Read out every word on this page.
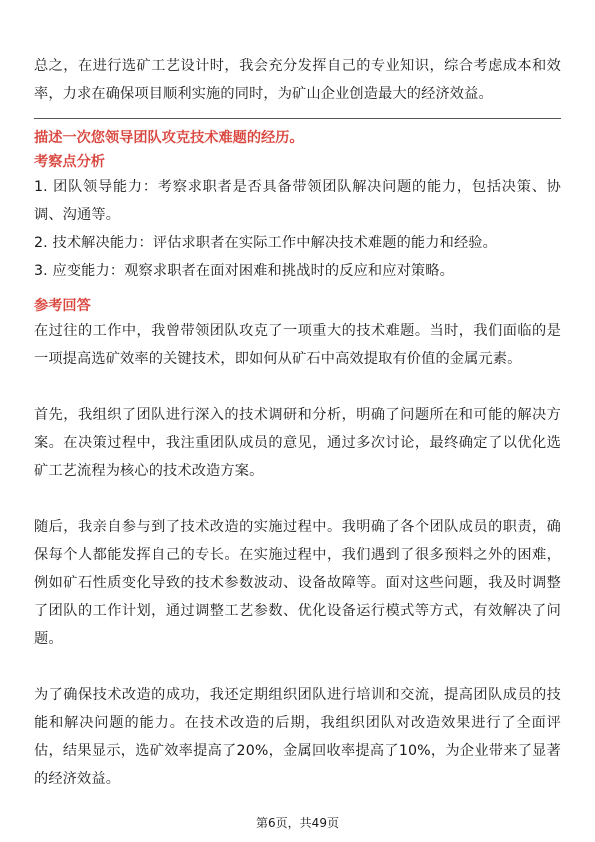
总之，在进行选矿工艺设计时，我会充分发挥自己的专业知识，综合考虑成本和效率，力求在确保项目顺利实施的同时，为矿山企业创造最大的经济效益。

描述一次您领导团队攻克技术难题的经历。
考察点分析
1. 团队领导能力：考察求职者是否具备带领团队解决问题的能力，包括决策、协调、沟通等。
2. 技术解决能力：评估求职者在实际工作中解决技术难题的能力和经验。
3. 应变能力：观察求职者在面对困难和挑战时的反应和应对策略。
参考回答

在过往的工作中，我曾带领团队攻克了一项重大的技术难题。当时，我们面临的是一项提高选矿效率的关键技术，即如何从矿石中高效提取有价值的金属元素。

首先，我组织了团队进行深入的技术调研和分析，明确了问题所在和可能的解决方案。在决策过程中，我注重团队成员的意见，通过多次讨论，最终确定了以优化选矿工艺流程为核心的技术改造方案。

随后，我亲自参与到了技术改造的实施过程中。我明确了各个团队成员的职责，确保每个人都能发挥自己的专长。在实施过程中，我们遇到了很多预料之外的困难，例如矿石性质变化导致的技术参数波动、设备故障等。面对这些问题，我及时调整了团队的工作计划，通过调整工艺参数、优化设备运行模式等方式，有效解决了问题。

为了确保技术改造的成功，我还定期组织团队进行培训和交流，提高团队成员的技能和解决问题的能力。在技术改造的后期，我组织团队对改造效果进行了全面评估，结果显示，选矿效率提高了20%，金属回收率提高了10%，为企业带来了显著的经济效益。

第6页，共49页
